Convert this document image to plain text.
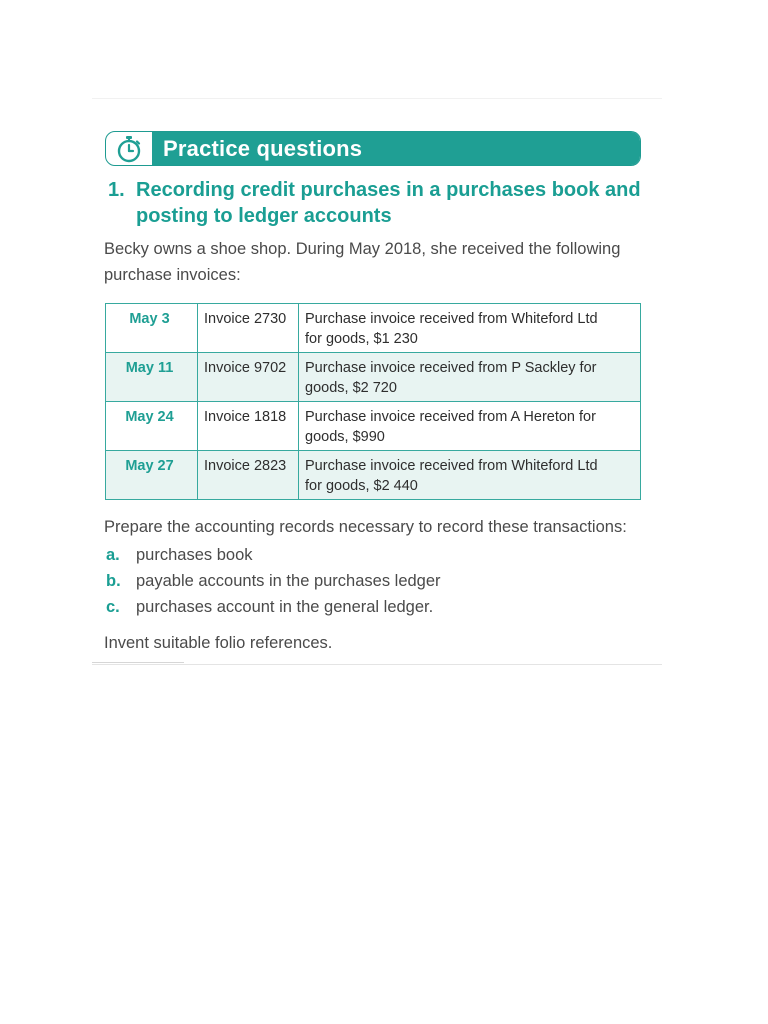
Practice questions
1. Recording credit purchases in a purchases book and
posting to ledger accounts
Becky owns a shoe shop. During May 2018, she received the following
purchase invoices:
May 3	Invoice 2730	Purchase invoice received from Whiteford Ltd
for goods, $1 230

May 11	Invoice 9702	Purchase invoice received from P Sackley for
goods, $2 720

May 24	Invoice 1818	Purchase invoice received from A Hereton for
goods, $990

May 27	Invoice 2823	Purchase invoice received from Whiteford Ltd
for goods, $2 440
Prepare the accounting records necessary to record these transactions:
a. purchases book
b. payable accounts in the purchases ledger
c. purchases account in the general ledger.
Invent suitable folio references.
